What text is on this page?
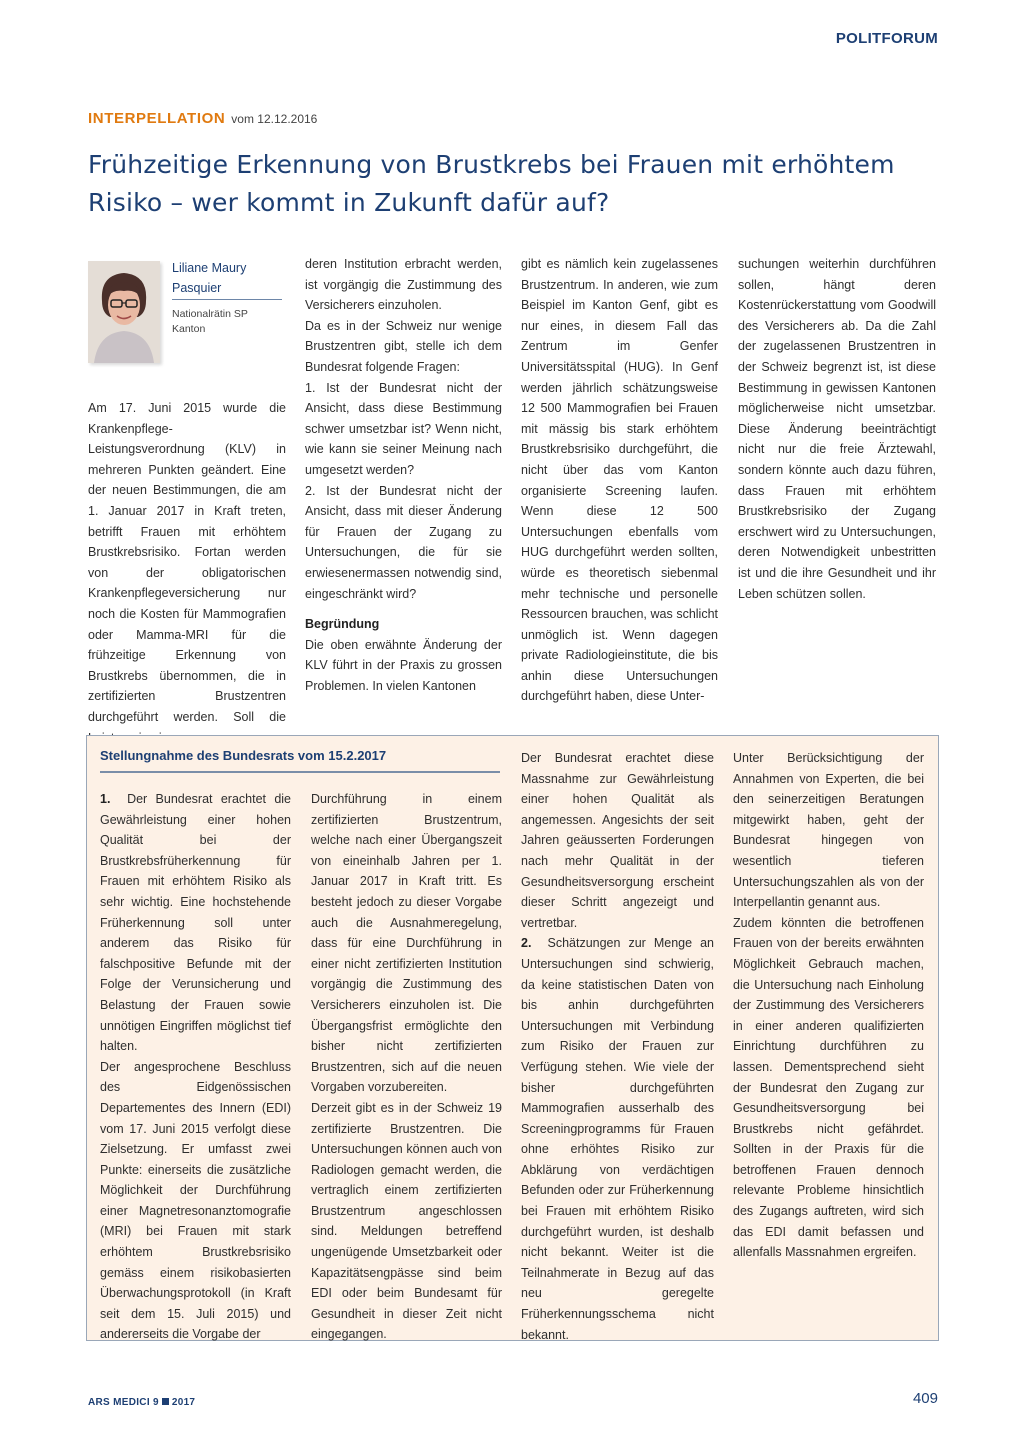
POLITFORUM
INTERPELLATION vom 12.12.2016
Frühzeitige Erkennung von Brustkrebs bei Frauen mit erhöhtem Risiko – wer kommt in Zukunft dafür auf?
Liliane Maury Pasquier
Nationalrätin SP Kanton

Am 17. Juni 2015 wurde die Krankenpflege-Leistungsverordnung (KLV) in mehreren Punkten geändert. Eine der neuen Bestimmungen, die am 1. Januar 2017 in Kraft treten, betrifft Frauen mit erhöhtem Brustkrebsrisiko. Fortan werden von der obligatorischen Krankenpflegeversicherung nur noch die Kosten für Mammografien oder Mamma-MRI für die frühzeitige Erkennung von Brustkrebs übernommen, die in zertifizierten Brustzentren durchgeführt werden. Soll die

deren Institution erbracht werden, ist vorgängig die Zustimmung des Versicherers einzuholen.

Da es in der Schweiz nur wenige Brustzentren gibt, stelle ich dem Bundesrat folgende Fragen:

1. Ist der Bundesrat nicht der Ansicht, dass diese Bestimmung schwer umsetzbar ist? Wenn nicht, wie kann sie seiner Meinung nach umgesetzt werden?

2. Ist der Bundesrat nicht der Ansicht, dass mit dieser Änderung für Frauen der Zugang zu Untersuchungen, die für sie erwiesenermassen notwendig sind, eingeschränkt wird?

Begründung

Die oben erwähnte Änderung der KLV führt in der Praxis zu grossen Problemen. In vielen Kantonen

gibt es nämlich kein zugelassenes Brustzentrum. In anderen, wie zum Beispiel im Kanton Genf, gibt es nur eines, in diesem Fall das Zentrum im Genfer Universitätsspital (HUG). In Genf werden jährlich schätzungsweise 12 500 Mammografien bei Frauen mit mässig bis stark erhöhtem Brustkrebsrisiko durchgeführt, die nicht über das vom Kanton organisierte Screening laufen. Wenn diese 12 500 Untersuchungen ebenfalls vom HUG durchgeführt werden sollten, würde es theoretisch siebenmal mehr technische und personelle Ressourcen brauchen, was schlicht unmöglich ist. Wenn dagegen private Radiologieinstitute, die bis anhin diese Untersuchungen durchgeführt haben, diese Unter-

suchungen weiterhin durchführen sollen, hängt deren Kostenrückerstattung vom Goodwill des Versicherers ab. Da die Zahl der zugelassenen Brustzentren in der Schweiz begrenzt ist, ist diese Bestimmung in gewissen Kantonen möglicherweise nicht umsetzbar. Diese Änderung beeinträchtigt nicht nur die freie Ärztewahl, sondern könnte auch dazu führen, dass Frauen mit erhöhtem Brustkrebsrisiko der Zugang erschwert wird zu Untersuchungen, deren Notwendigkeit unbestritten ist und die ihre Gesundheit und ihr Leben schützen sollen.

Stellungnahme des Bundesrats vom 15.2.2017

1. Der Bundesrat erachtet die Gewährleistung einer hohen Qualität bei der Brustkrebsfrüherkennung für Frauen mit erhöhtem Risiko als sehr wichtig. Eine hochstehende Früherkennung soll unter anderem das Risiko für falschpositive Befunde mit der Folge der Verunsicherung und Belastung der Frauen sowie unnötigen Eingriffen möglichst tief halten.

Der angesprochene Beschluss des Eidgenössischen Departementes des Innern (EDI) vom 17. Juni 2015 verfolgt diese Zielsetzung. Er umfasst zwei Punkte: einerseits die zusätzliche Möglichkeit der Durchführung einer Magnetresonanztomografie (MRI) bei Frauen mit stark erhöhtem Brustkrebsrisiko gemäss einem risikobasierten Überwachungsprotokoll (in Kraft seit dem 15. Juli 2015) und andererseits die Vorgabe der

Durchführung in einem zertifizierten Brustzentrum, welche nach einer Übergangszeit von eineinhalb Jahren per 1. Januar 2017 in Kraft tritt. Es besteht jedoch zu dieser Vorgabe auch die Ausnahmeregelung, dass für eine Durchführung in einer nicht zertifizierten Institution vorgängig die Zustimmung des Versicherers einzuholen ist. Die Übergangsfrist ermöglichte den bisher nicht zertifizierten Brustzentren, sich auf die neuen Vorgaben vorzubereiten.

Derzeit gibt es in der Schweiz 19 zertifizierte Brustzentren. Die Untersuchungen können auch von Radiologen gemacht werden, die vertraglich einem zertifizierten Brustzentrum angeschlossen sind. Meldungen betreffend ungenügende Umsetzbarkeit oder Kapazitätsengpässe sind beim EDI oder beim Bundesamt für Gesundheit in dieser Zeit nicht eingegangen.

Der Bundesrat erachtet diese Massnahme zur Gewährleistung einer hohen Qualität als angemessen. Angesichts der seit Jahren geäusserten Forderungen nach mehr Qualität in der Gesundheitsversorgung erscheint dieser Schritt angezeigt und vertretbar.

2. Schätzungen zur Menge an Untersuchungen sind schwierig, da keine statistischen Daten von bis anhin durchgeführten Untersuchungen mit Verbindung zum Risiko der Frauen zur Verfügung stehen. Wie viele der bisher durchgeführten Mammografien ausserhalb des Screeningprogramms für Frauen ohne erhöhtes Risiko zur Abklärung von verdächtigen Befunden oder zur Früherkennung bei Frauen mit erhöhtem Risiko durchgeführt wurden, ist deshalb nicht bekannt. Weiter ist die Teilnahmerate in Bezug auf das neu geregelte Früherkennungsschema nicht bekannt.

Unter Berücksichtigung der Annahmen von Experten, die bei den seinerzeitigen Beratungen mitgewirkt haben, geht der Bundesrat hingegen von wesentlich tieferen Untersuchungszahlen als von der Interpellantin genannt aus.

Zudem könnten die betroffenen Frauen von der bereits erwähnten Möglichkeit Gebrauch machen, die Untersuchung nach Einholung der Zustimmung des Versicherers in einer anderen qualifizierten Einrichtung durchführen zu lassen. Dementsprechend sieht der Bundesrat den Zugang zur Gesundheitsversorgung bei Brustkrebs nicht gefährdet. Sollten in der Praxis für die betroffenen Frauen dennoch relevante Probleme hinsichtlich des Zugangs auftreten, wird sich das EDI damit befassen und allenfalls Massnahmen ergreifen.

ARS MEDICI 9 2017	409
